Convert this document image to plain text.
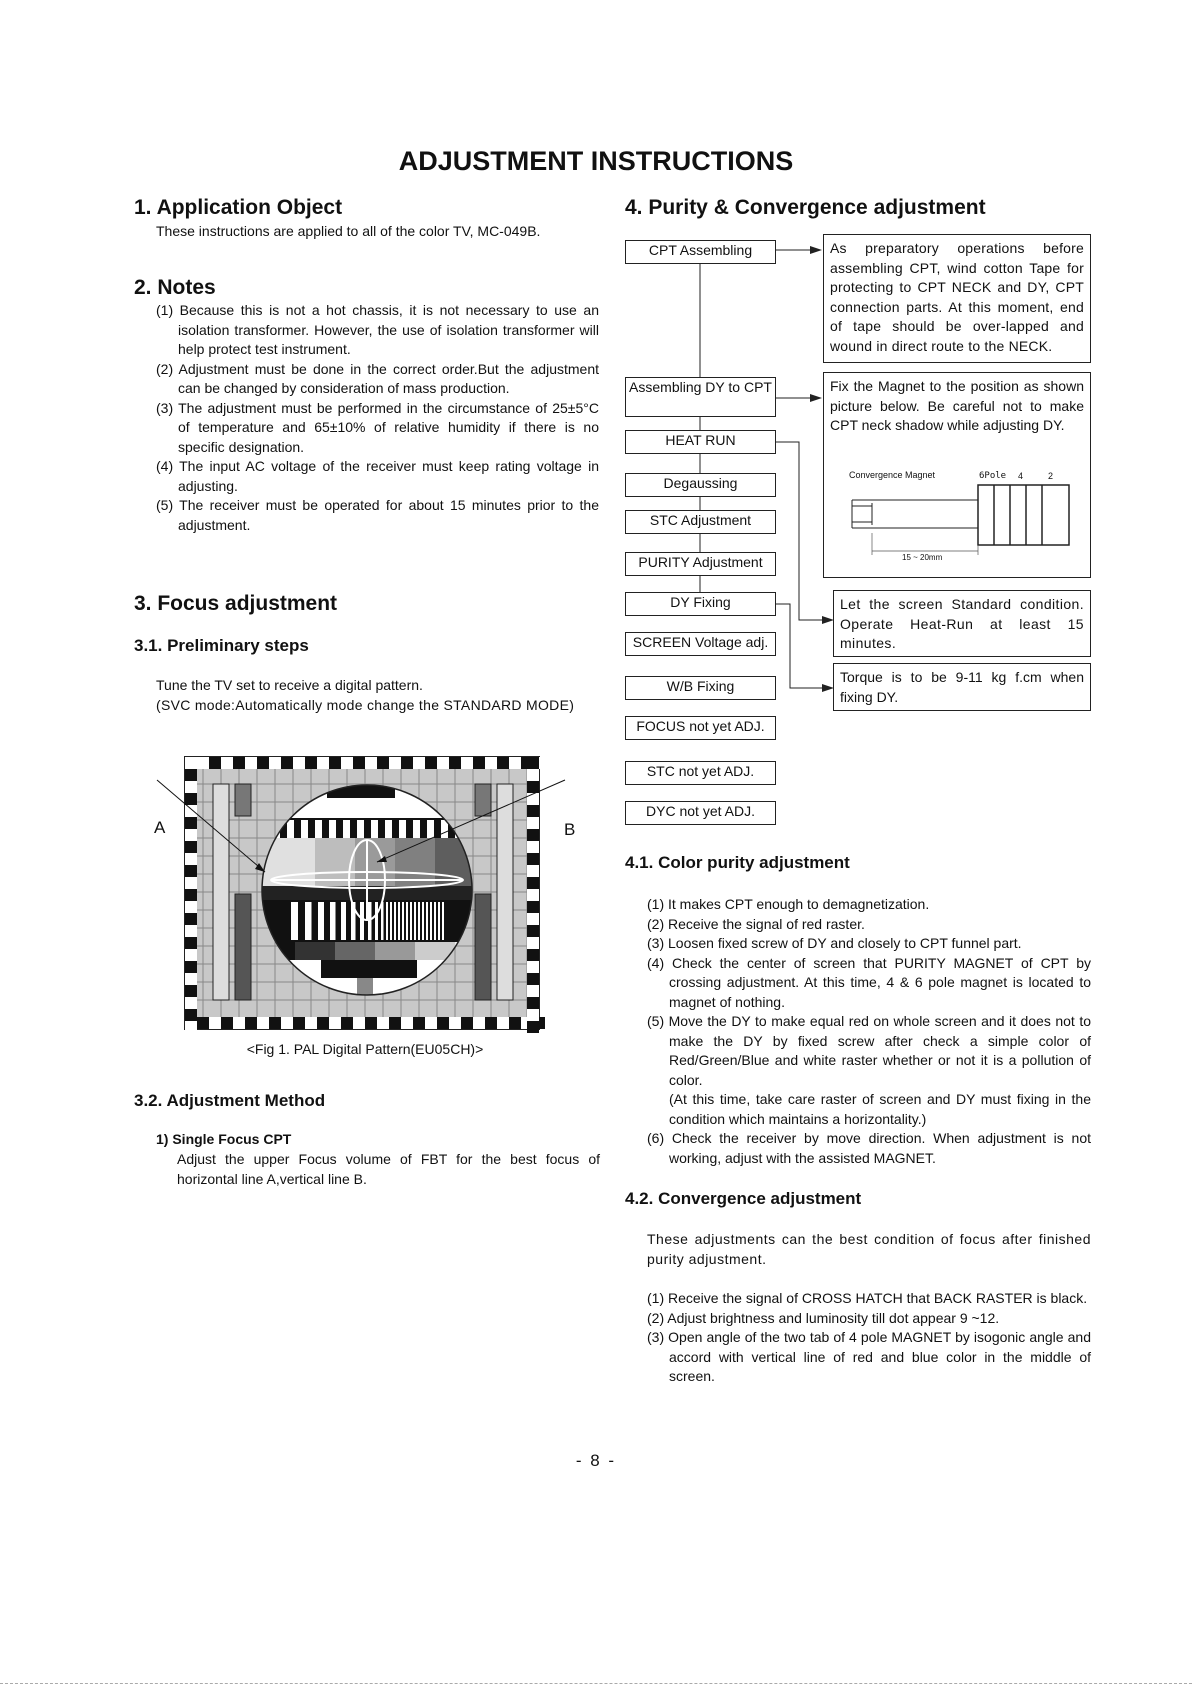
ADJUSTMENT INSTRUCTIONS
1. Application Object
These instructions are applied to all of the color TV, MC-049B.
2. Notes
(1) Because this is not a hot chassis, it is not necessary to use an isolation transformer. However, the use of isolation transformer will help protect test instrument.
(2) Adjustment must be done in the correct order.But the adjustment can be changed by consideration of mass production.
(3) The adjustment must be performed in the circumstance of 25±5°C of temperature and 65±10% of relative humidity if there is no specific designation.
(4) The input AC voltage of the receiver must keep rating voltage in adjusting.
(5) The receiver must be operated for about 15 minutes prior to the adjustment.
3. Focus adjustment
3.1. Preliminary steps
Tune the TV set to receive a digital pattern.
(SVC mode:Automatically mode change the STANDARD MODE)
A	B
<Fig 1. PAL Digital Pattern(EU05CH)>
3.2. Adjustment Method
1) Single Focus CPT
Adjust the upper Focus volume of FBT for the best focus of horizontal line A,vertical line B.
4. Purity & Convergence adjustment
CPT Assembling
Assembling DY to CPT
HEAT RUN
Degaussing
STC Adjustment
PURITY Adjustment
DY Fixing
SCREEN Voltage adj.
W/B Fixing
FOCUS not yet ADJ.
STC not yet ADJ.
DYC not yet ADJ.
As preparatory operations before assembling CPT, wind cotton Tape for protecting to CPT NECK and DY, CPT connection parts. At this moment, end of tape should be over-lapped and wound in direct route to the NECK.
Fix the Magnet to the position as shown picture below. Be careful not to make CPT neck shadow while adjusting DY.
Convergence Magnet	6Pole 4	2
15 ~ 20mm
Let the screen Standard condition. Operate Heat-Run at least 15 minutes.
Torque is to be 9-11 kg f.cm when fixing DY.
4.1. Color purity adjustment
(1) It makes CPT enough to demagnetization.
(2) Receive the signal of red raster.
(3) Loosen fixed screw of DY and closely to CPT funnel part.
(4) Check the center of screen that PURITY MAGNET of CPT by crossing adjustment. At this time, 4 & 6 pole magnet is located to magnet of nothing.
(5) Move the DY to make equal red on whole screen and it does not to make the DY by fixed screw after check a simple color of Red/Green/Blue and white raster whether or not it is a pollution of color.
(At this time, take care raster of screen and DY must fixing in the condition which maintains a horizontality.)
(6) Check the receiver by move direction. When adjustment is not working, adjust with the assisted MAGNET.
4.2. Convergence adjustment
These adjustments can the best condition of focus after finished purity adjustment.
(1) Receive the signal of CROSS HATCH that BACK RASTER is black.
(2) Adjust brightness and luminosity till dot appear 9 ~12.
(3) Open angle of the two tab of 4 pole MAGNET by isogonic angle and accord with vertical line of red and blue color in the middle of screen.
- 8 -
